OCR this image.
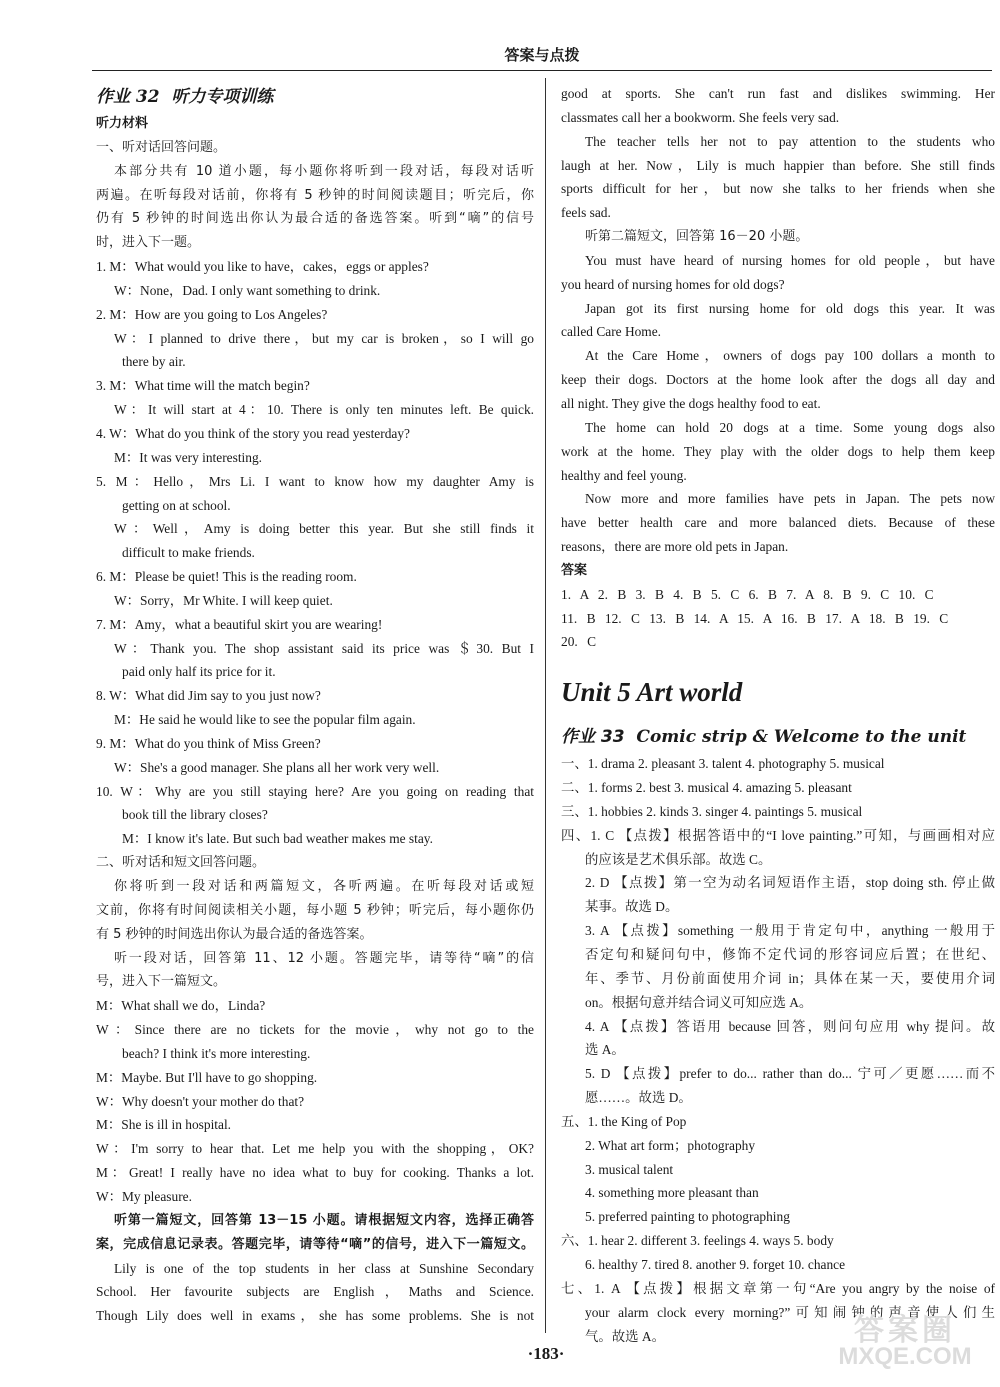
答案与点拨
作业 32 听力专项训练
听力材料
一、听对话回答问题。
本部分共有 10 道小题，每小题你将听到一段对话，每段对话听
两遍。在听每段对话前，你将有 5 秒钟的时间阅读题目；听完后，你
仍有 5 秒钟的时间选出你认为最合适的备选答案。听到“嘀”的信号
时，进入下一题。
1. M：What would you like to have，cakes，eggs or apples?
W：None，Dad. I only want something to drink.
2. M：How are you going to Los Angeles?
W：I planned to drive there，but my car is broken，so I will go
there by air.
3. M：What time will the match begin?
W：It will start at 4：10. There is only ten minutes left. Be quick.
4. W：What do you think of the story you read yesterday?
M：It was very interesting.
5. M：Hello，Mrs Li. I want to know how my daughter Amy is
getting on at school.
W：Well，Amy is doing better this year. But she still finds it
difficult to make friends.
6. M：Please be quiet! This is the reading room.
W：Sorry，Mr White. I will keep quiet.
7. M：Amy，what a beautiful skirt you are wearing!
W：Thank you. The shop assistant said its price was ＄30. But I
paid only half its price for it.
8. W：What did Jim say to you just now?
M：He said he would like to see the popular film again.
9. M：What do you think of Miss Green?
W：She's a good manager. She plans all her work very well.
10. W：Why are you still staying here? Are you going on reading that
book till the library closes?
M：I know it's late. But such bad weather makes me stay.
二、听对话和短文回答问题。
你将听到一段对话和两篇短文，各听两遍。在听每段对话或短
文前，你将有时间阅读相关小题，每小题 5 秒钟；听完后，每小题你仍
有 5 秒钟的时间选出你认为最合适的备选答案。
听一段对话，回答第 11、12 小题。答题完毕，请等待“嘀”的信
号，进入下一篇短文。
M：What shall we do，Linda?
W：Since there are no tickets for the movie，why not go to the
beach? I think it's more interesting.
M：Maybe. But I'll have to go shopping.
W：Why doesn't your mother do that?
M：She is ill in hospital.
W：I'm sorry to hear that. Let me help you with the shopping，OK?
M：Great! I really have no idea what to buy for cooking. Thanks a lot.
W：My pleasure.
听第一篇短文，回答第 13－15 小题。请根据短文内容，选择正确答
案，完成信息记录表。答题完毕，请等待“嘀”的信号，进入下一篇短文。
Lily is one of the top students in her class at Sunshine Secondary
School. Her favourite subjects are English，Maths and Science.
Though Lily does well in exams，she has some problems. She is not
good at sports. She can't run fast and dislikes swimming. Her
classmates call her a bookworm. She feels very sad.
The teacher tells her not to pay attention to the students who
laugh at her. Now，Lily is much happier than before. She still finds
sports difficult for her，but now she talks to her friends when she
feels sad.
听第二篇短文，回答第 16－20 小题。
You must have heard of nursing homes for old people，but have
you heard of nursing homes for old dogs?
Japan got its first nursing home for old dogs this year. It was
called Care Home.
At the Care Home，owners of dogs pay 100 dollars a month to
keep their dogs. Doctors at the home look after the dogs all day and
all night. They give the dogs healthy food to eat.
The home can hold 20 dogs at a time. Some young dogs also
work at the home. They play with the older dogs to help them keep
healthy and feel young.
Now more and more families have pets in Japan. The pets now
have better health care and more balanced diets. Because of these
reasons，there are more old pets in Japan.
答案
1. A 2. B 3. B 4. B 5. C 6. B 7. A 8. B 9. C 10. C
11. B 12. C 13. B 14. A 15. A 16. B 17. A 18. B 19. C
20. C
Unit 5 Art world
作业 33 Comic strip & Welcome to the unit
一、1. drama 2. pleasant 3. talent 4. photography 5. musical
二、1. forms 2. best 3. musical 4. amazing 5. pleasant
三、1. hobbies 2. kinds 3. singer 4. paintings 5. musical
四、1. C 【点拨】根据答语中的“I love painting.”可知，与画画相对应
的应该是艺术俱乐部。故选 C。
2. D 【点拨】第一空为动名词短语作主语，stop doing sth. 停止做
某事。故选 D。
3. A 【点拨】something 一般用于肯定句中，anything 一般用于
否定句和疑问句中，修饰不定代词的形容词应后置；在世纪、
年、季节、月份前面使用介词 in；具体在某一天，要使用介词
on。根据句意并结合词义可知应选 A。
4. A 【点拨】答语用 because 回答，则问句应用 why 提问。故
选 A。
5. D 【点拨】prefer to do... rather than do... 宁可／更愿……而不
愿……。故选 D。
五、1. the King of Pop
2. What art form；photography
3. musical talent
4. something more pleasant than
5. preferred painting to photographing
六、1. hear 2. different 3. feelings 4. ways 5. body
6. healthy 7. tired 8. another 9. forget 10. chance
七、1. A 【点拨】根据文章第一句“Are you angry by the noise of
your alarm clock every morning?”可知闹钟的声音使人们生
气。故选 A。
·183·
答案圈
MXQE.COM
